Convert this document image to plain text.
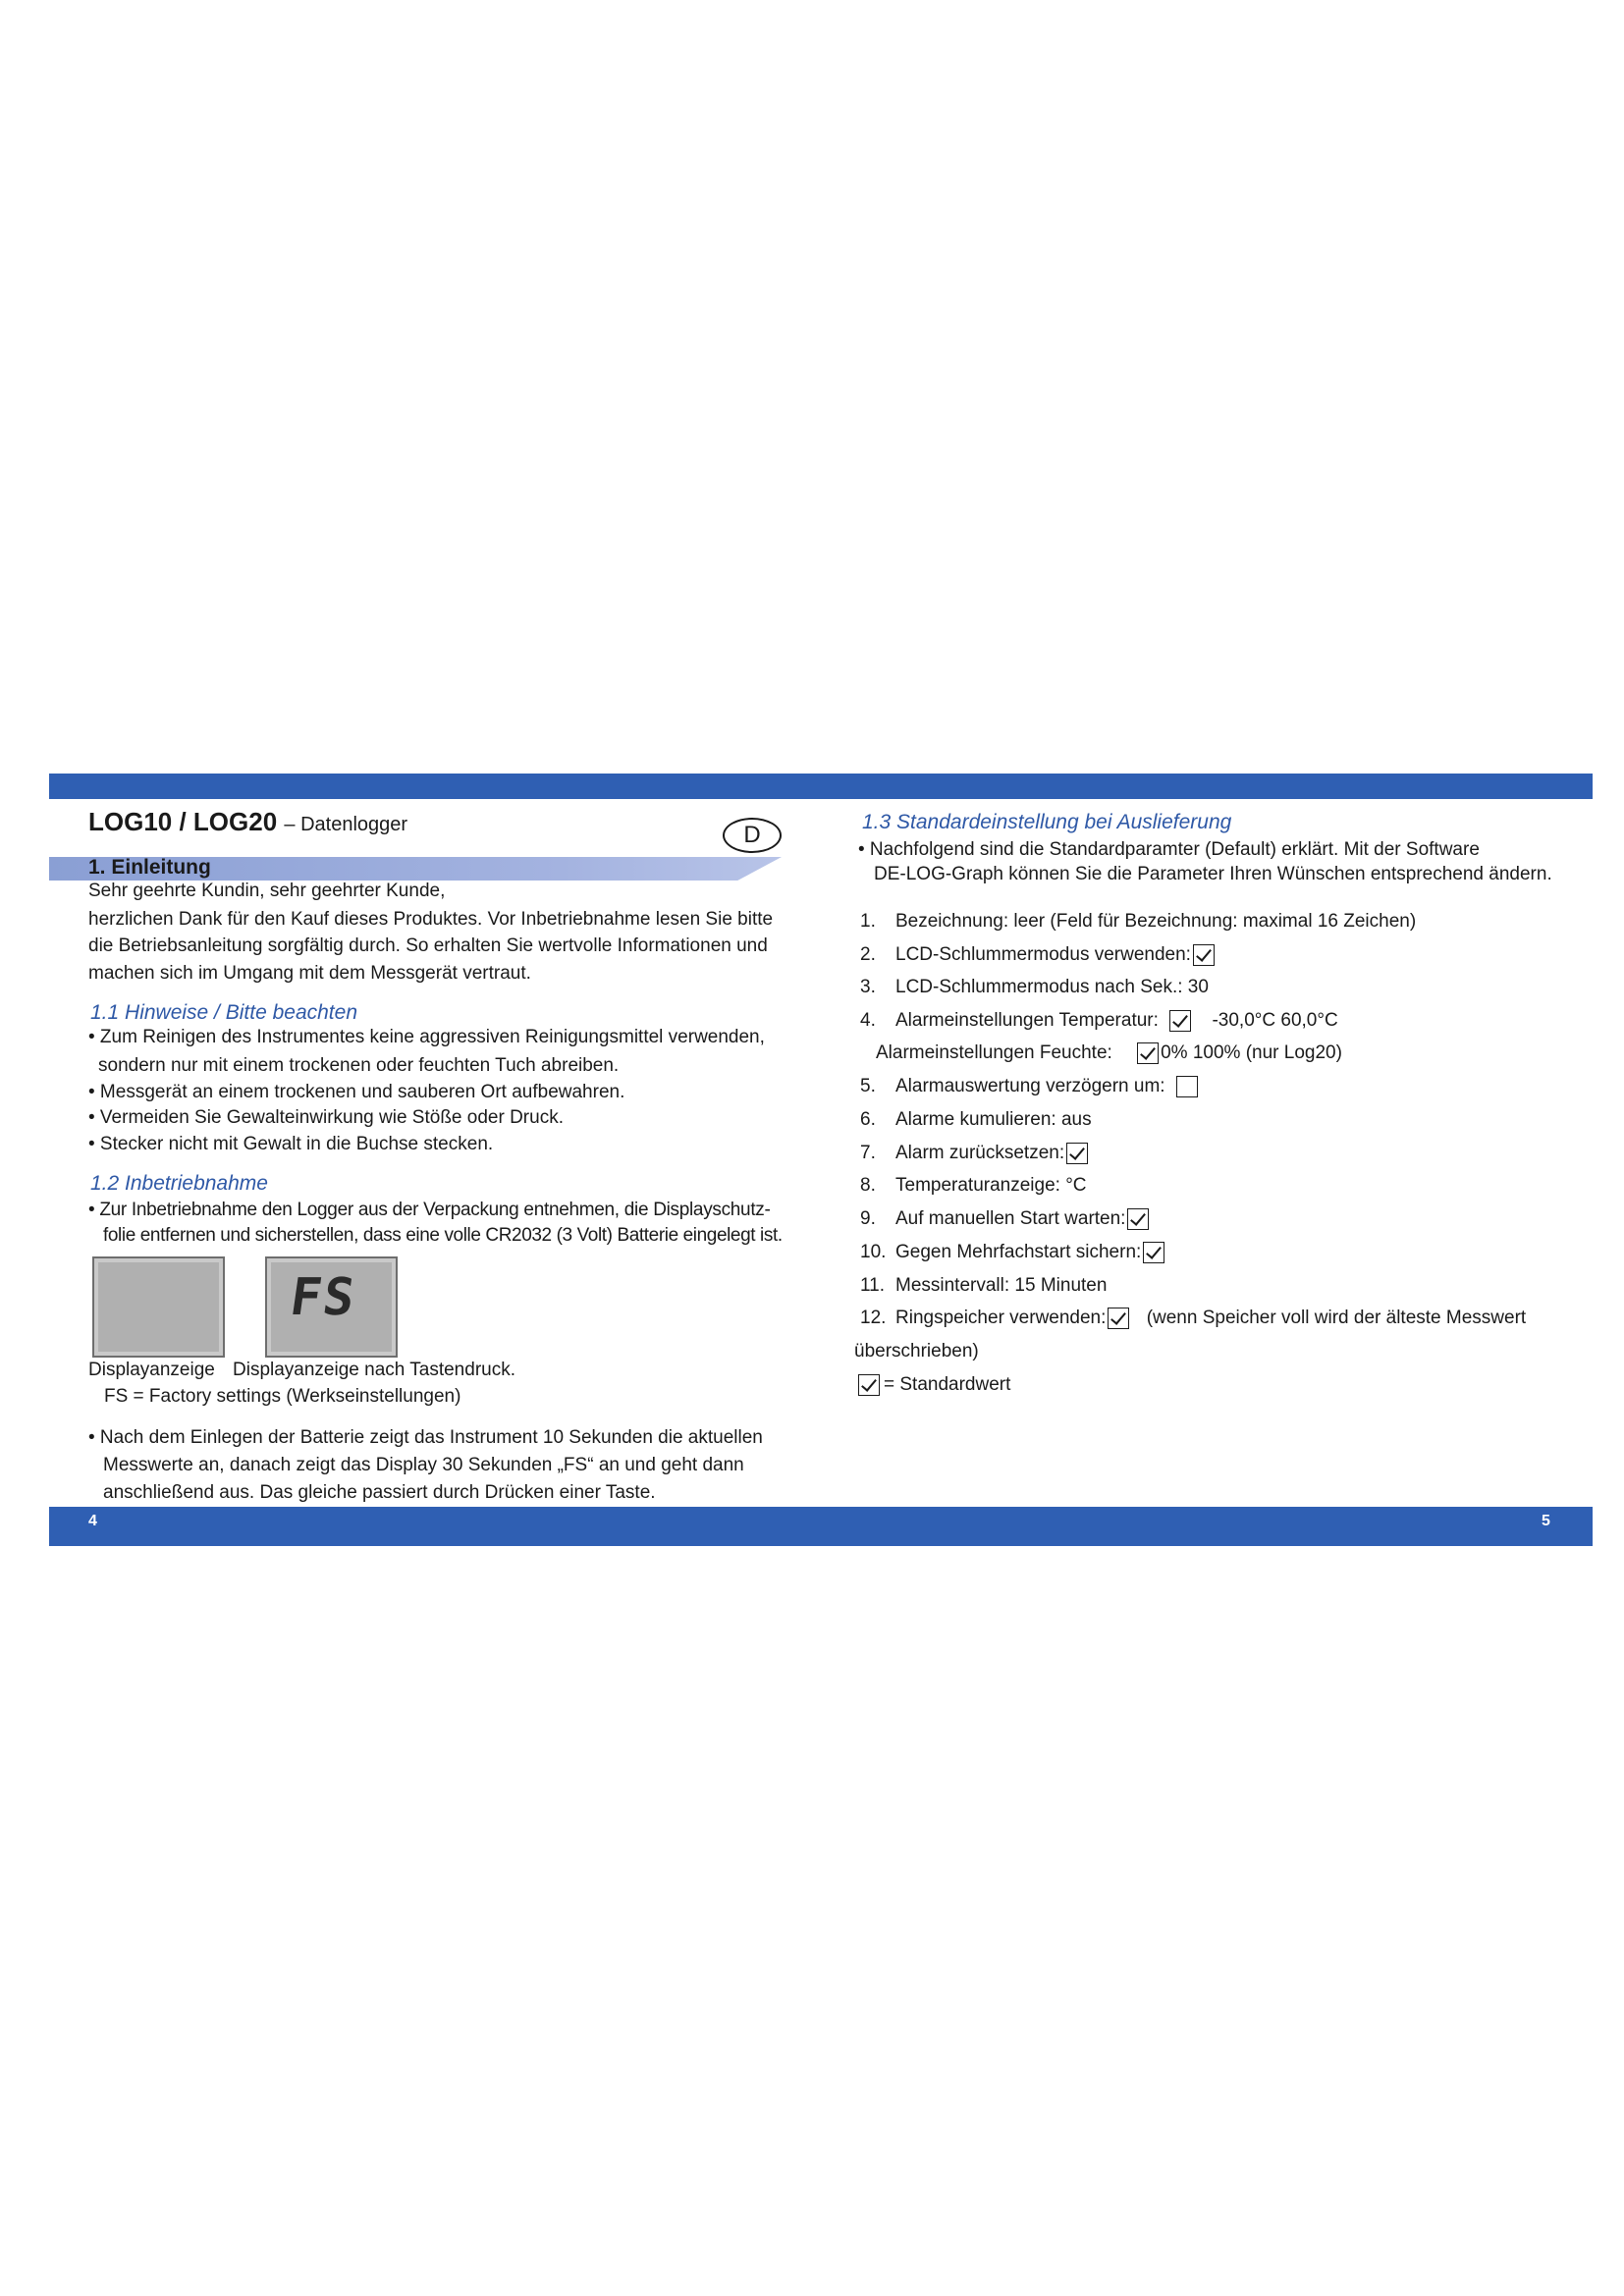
4	5
LOG10 / LOG20 – Datenlogger	D
1. Einleitung
Sehr geehrte Kundin, sehr geehrter Kunde,
herzlichen Dank für den Kauf dieses Produktes. Vor Inbetriebnahme lesen Sie bitte
die Betriebsanleitung sorgfältig durch. So erhalten Sie wertvolle Informationen und
machen sich im Umgang mit dem Messgerät vertraut.
1.1 Hinweise / Bitte beachten
• Zum Reinigen des Instrumentes keine aggressiven Reinigungsmittel verwenden,
sondern nur mit einem trockenen oder feuchten Tuch abreiben.
• Messgerät an einem trockenen und sauberen Ort aufbewahren.
• Vermeiden Sie Gewalteinwirkung wie Stöße oder Druck.
• Stecker nicht mit Gewalt in die Buchse stecken.
1.2 Inbetriebnahme
• Zur Inbetriebnahme den Logger aus der Verpackung entnehmen, die Displayschutz-
folie entfernen und sicherstellen, dass eine volle CR2032 (3 Volt) Batterie eingelegt ist.
FS
Displayanzeige Displayanzeige nach Tastendruck.
FS = Factory settings (Werkseinstellungen)
• Nach dem Einlegen der Batterie zeigt das Instrument 10 Sekunden die aktuellen
Messwerte an, danach zeigt das Display 30 Sekunden „FS“ an und geht dann
anschließend aus. Das gleiche passiert durch Drücken einer Taste.
1.3 Standardeinstellung bei Auslieferung
• Nachfolgend sind die Standardparamter (Default) erklärt. Mit der Software
DE-LOG-Graph können Sie die Parameter Ihren Wünschen entsprechend ändern.
1. Bezeichnung: leer (Feld für Bezeichnung: maximal 16 Zeichen)
2. LCD-Schlummermodus verwenden:
3. LCD-Schlummermodus nach Sek.: 30
4. Alarmeinstellungen Temperatur:	-30,0°C 60,0°C
Alarmeinstellungen Feuchte:	0% 100% (nur Log20)
5. Alarmauswertung verzögern um:
6. Alarme kumulieren: aus
7. Alarm zurücksetzen:
8. Temperaturanzeige: °C
9. Auf manuellen Start warten:
10. Gegen Mehrfachstart sichern:
11. Messintervall: 15 Minuten
12. Ringspeicher verwenden: (wenn Speicher voll wird der älteste Messwert
überschrieben)
= Standardwert
